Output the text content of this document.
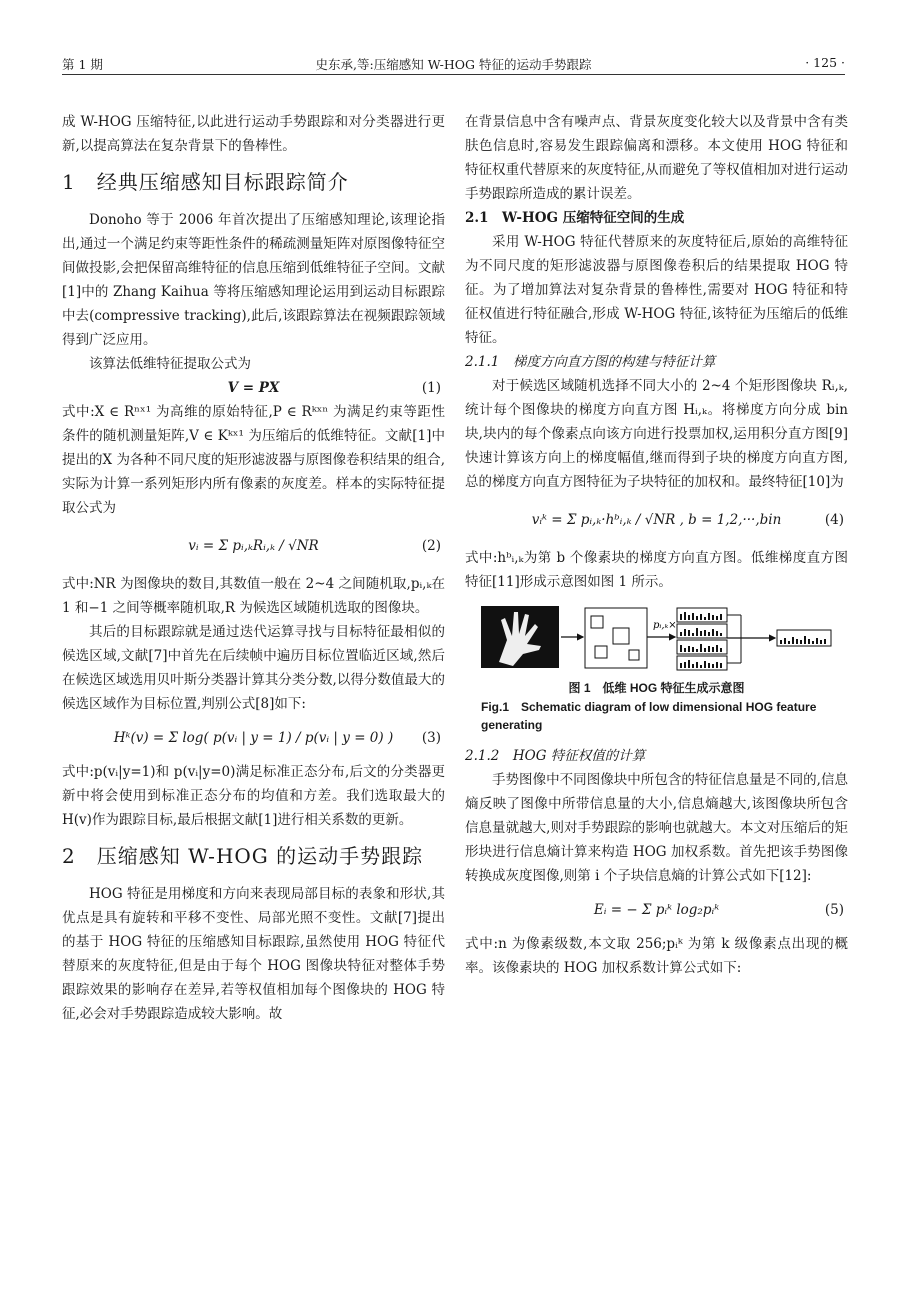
第 1 期	史东承,等:压缩感知 W-HOG 特征的运动手势跟踪	· 125 ·

成 W-HOG 压缩特征,以此进行运动手势跟踪和对分类器进行更新,以提高算法在复杂背景下的鲁棒性。

1　经典压缩感知目标跟踪简介

Donoho 等于 2006 年首次提出了压缩感知理论,该理论指出,通过一个满足约束等距性条件的稀疏测量矩阵对原图像特征空间做投影,会把保留高维特征的信息压缩到低维特征子空间。文献[1]中的 Zhang Kaihua 等将压缩感知理论运用到运动目标跟踪中去(compressive tracking),此后,该跟踪算法在视频跟踪领域得到广泛应用。

该算法低维特征提取公式为

V = PX	(1)

式中:X ∈ Rⁿˣ¹ 为高维的原始特征,P ∈ Rᵏˣⁿ 为满足约束等距性条件的随机测量矩阵,V ∈ Kᵏˣ¹ 为压缩后的低维特征。文献[1]中提出的X 为各种不同尺度的矩形滤波器与原图像卷积结果的组合,实际为计算一系列矩形内所有像素的灰度差。样本的实际特征提取公式为

vᵢ = Σ pᵢ,ₖRᵢ,ₖ / √NR	(2)

式中:NR 为图像块的数目,其数值一般在 2~4 之间随机取,pᵢ,ₖ在 1 和−1 之间等概率随机取,R 为候选区域随机选取的图像块。

其后的目标跟踪就是通过迭代运算寻找与目标特征最相似的候选区域,文献[7]中首先在后续帧中遍历目标位置临近区域,然后在候选区域选用贝叶斯分类器计算其分类分数,以得分数值最大的候选区域作为目标位置,判别公式[8]如下:

Hᵏ(v) = Σ log( p(vᵢ | y = 1) / p(vᵢ | y = 0) ) (3)

式中:p(vᵢ|y=1)和 p(vᵢ|y=0)满足标准正态分布,后文的分类器更新中将会使用到标准正态分布的均值和方差。我们选取最大的 H(v)作为跟踪目标,最后根据文献[1]进行相关系数的更新。

2　压缩感知 W-HOG 的运动手势跟踪

HOG 特征是用梯度和方向来表现局部目标的表象和形状,其优点是具有旋转和平移不变性、局部光照不变性。文献[7]提出的基于 HOG 特征的压缩感知目标跟踪,虽然使用 HOG 特征代替原来的灰度特征,但是由于每个 HOG 图像块特征对整体手势跟踪效果的影响存在差异,若等权值相加每个图像块的 HOG 特征,必会对手势跟踪造成较大影响。故

在背景信息中含有噪声点、背景灰度变化较大以及背景中含有类肤色信息时,容易发生跟踪偏离和漂移。本文使用 HOG 特征和特征权重代替原来的灰度特征,从而避免了等权值相加对进行运动手势跟踪所造成的累计误差。

2.1　W-HOG 压缩特征空间的生成

采用 W-HOG 特征代替原来的灰度特征后,原始的高维特征为不同尺度的矩形滤波器与原图像卷积后的结果提取 HOG 特征。为了增加算法对复杂背景的鲁棒性,需要对 HOG 特征和特征权值进行特征融合,形成 W-HOG 特征,该特征为压缩后的低维特征。

2.1.1　梯度方向直方图的构建与特征计算

对于候选区域随机选择不同大小的 2~4 个矩形图像块 Rᵢ,ₖ,统计每个图像块的梯度方向直方图 Hᵢ,ₖ。将梯度方向分成 bin 块,块内的每个像素点向该方向进行投票加权,运用积分直方图[9]快速计算该方向上的梯度幅值,继而得到子块的梯度方向直方图,总的梯度方向直方图特征为子块特征的加权和。最终特征[10]为

vᵢᵏ = Σ pᵢ,ₖ·hᵇᵢ,ₖ / √NR , b = 1,2,···,bin	(4)

式中:hᵇᵢ,ₖ为第 b 个像素块的梯度方向直方图。低维梯度直方图特征[11]形成示意图如图 1 所示。

pᵢ,ₖ×
图 1　低维 HOG 特征生成示意图
Fig.1　Schematic diagram of low dimensional HOG feature generating
2.1.2　HOG 特征权值的计算

手势图像中不同图像块中所包含的特征信息量是不同的,信息熵反映了图像中所带信息量的大小,信息熵越大,该图像块所包含信息量就越大,则对手势跟踪的影响也就越大。本文对压缩后的矩形块进行信息熵计算来构造 HOG 加权系数。首先把该手势图像转换成灰度图像,则第 i 个子块信息熵的计算公式如下[12]:

Eᵢ = − Σ pᵢᵏ log₂pᵢᵏ	(5)

式中:n 为像素级数,本文取 256;pᵢᵏ 为第 k 级像素点出现的概率。该像素块的 HOG 加权系数计算公式如下:
